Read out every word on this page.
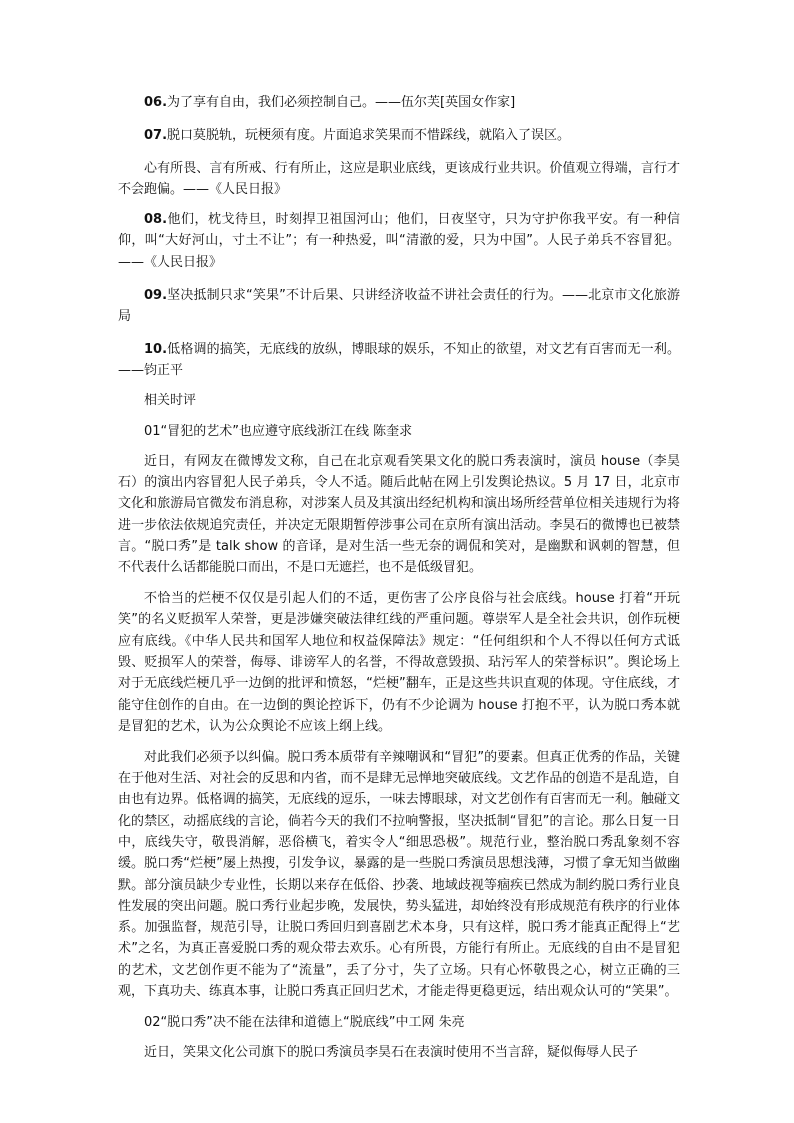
06.为了享有自由，我们必须控制自己。——伍尔芙[英国女作家]

07.脱口莫脱轨，玩梗须有度。片面追求笑果而不惜踩线，就陷入了误区。

心有所畏、言有所戒、行有所止，这应是职业底线，更该成行业共识。价值观立得端，言行才不会跑偏。——《人民日报》

08.他们，枕戈待旦，时刻捍卫祖国河山；他们，日夜坚守，只为守护你我平安。有一种信仰，叫“大好河山，寸土不让”；有一种热爱，叫“清澈的爱，只为中国”。人民子弟兵不容冒犯。——《人民日报》

09.坚决抵制只求“笑果”不计后果、只讲经济收益不讲社会责任的行为。——北京市文化旅游局

10.低格调的搞笑，无底线的放纵，博眼球的娱乐，不知止的欲望，对文艺有百害而无一利。——钧正平

相关时评

01“冒犯的艺术”也应遵守底线浙江在线 陈奎求

近日，有网友在微博发文称，自己在北京观看笑果文化的脱口秀表演时，演员 house（李昊石）的演出内容冒犯人民子弟兵，令人不适。随后此帖在网上引发舆论热议。5 月 17 日，北京市文化和旅游局官微发布消息称，对涉案人员及其演出经纪机构和演出场所经营单位相关违规行为将进一步依法依规追究责任，并决定无限期暂停涉事公司在京所有演出活动。李昊石的微博也已被禁言。“脱口秀”是 talk show 的音译，是对生活一些无奈的调侃和笑对，是幽默和讽刺的智慧，但不代表什么话都能脱口而出，不是口无遮拦，也不是低级冒犯。

不恰当的烂梗不仅仅是引起人们的不适，更伤害了公序良俗与社会底线。house 打着“开玩笑”的名义贬损军人荣誉，更是涉嫌突破法律红线的严重问题。尊崇军人是全社会共识，创作玩梗应有底线。《中华人民共和国军人地位和权益保障法》规定：“任何组织和个人不得以任何方式诋毁、贬损军人的荣誉，侮辱、诽谤军人的名誉，不得故意毁损、玷污军人的荣誉标识”。舆论场上对于无底线烂梗几乎一边倒的批评和愤怒，“烂梗”翻车，正是这些共识直观的体现。守住底线，才能守住创作的自由。在一边倒的舆论控诉下，仍有不少论调为 house 打抱不平，认为脱口秀本就是冒犯的艺术，认为公众舆论不应该上纲上线。

对此我们必须予以纠偏。脱口秀本质带有辛辣嘲讽和“冒犯”的要素。但真正优秀的作品，关键在于他对生活、对社会的反思和内省，而不是肆无忌惮地突破底线。文艺作品的创造不是乱造，自由也有边界。低格调的搞笑，无底线的逗乐，一味去博眼球，对文艺创作有百害而无一利。触碰文化的禁区，动摇底线的言论，倘若今天的我们不拉响警报，坚决抵制“冒犯”的言论。那么日复一日中，底线失守，敬畏消解，恶俗横飞，着实令人“细思恐极”。规范行业，整治脱口秀乱象刻不容缓。脱口秀“烂梗”屡上热搜，引发争议，暴露的是一些脱口秀演员思想浅薄，习惯了拿无知当做幽默。部分演员缺少专业性，长期以来存在低俗、抄袭、地域歧视等痼疾已然成为制约脱口秀行业良性发展的突出问题。脱口秀行业起步晚，发展快，势头猛进，却始终没有形成规范有秩序的行业体系。加强监督，规范引导，让脱口秀回归到喜剧艺术本身，只有这样，脱口秀才能真正配得上“艺术”之名，为真正喜爱脱口秀的观众带去欢乐。心有所畏，方能行有所止。无底线的自由不是冒犯的艺术，文艺创作更不能为了“流量”，丢了分寸，失了立场。只有心怀敬畏之心，树立正确的三观，下真功夫、练真本事，让脱口秀真正回归艺术，才能走得更稳更远，结出观众认可的“笑果”。

02“脱口秀”决不能在法律和道德上“脱底线”中工网 朱亮

近日，笑果文化公司旗下的脱口秀演员李昊石在表演时使用不当言辞，疑似侮辱人民子
